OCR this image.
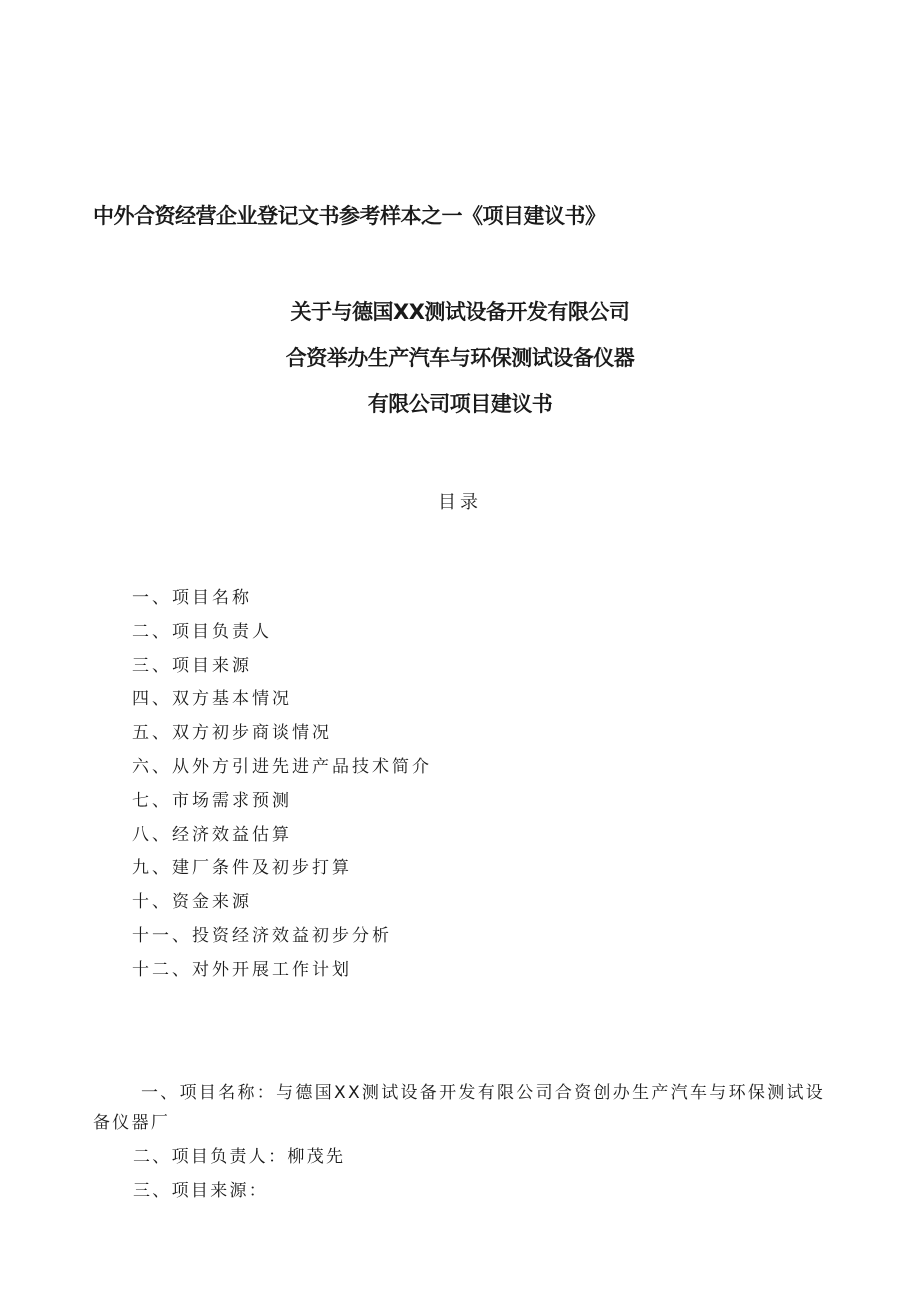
中外合资经营企业登记文书参考样本之一《项目建议书》
关于与德国XX测试设备开发有限公司
合资举办生产汽车与环保测试设备仪器
有限公司项目建议书
目录
一、项目名称
二、项目负责人
三、项目来源
四、双方基本情况
五、双方初步商谈情况
六、从外方引进先进产品技术简介
七、市场需求预测
八、经济效益估算
九、建厂条件及初步打算
十、资金来源
十一、投资经济效益初步分析
十二、对外开展工作计划

一、项目名称：与德国XX测试设备开发有限公司合资创办生产汽车与环保测试设备仪器厂

二、项目负责人：柳茂先

三、项目来源：
